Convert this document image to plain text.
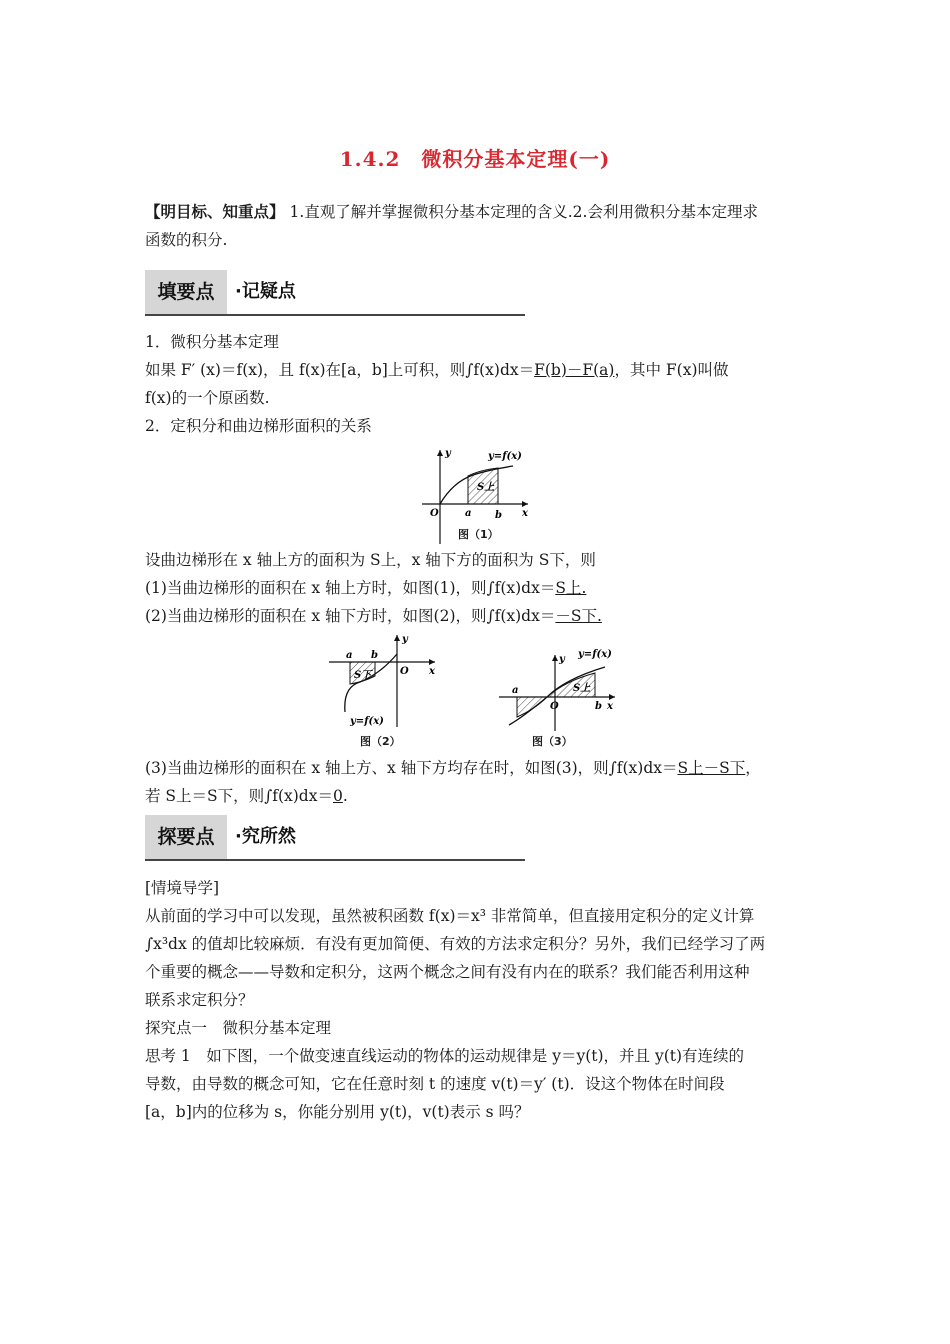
1.4.2　微积分基本定理(一)
【明目标、知重点】 1.直观了解并掌握微积分基本定理的含义.2.会利用微积分基本定理求
函数的积分.
填要点	·记疑点
1．微积分基本定理
如果 F′ (x)＝f(x)，且 f(x)在[a，b]上可积，则∫f(x)dx＝F(b)－F(a)，其中 F(x)叫做
f(x)的一个原函数.
2．定积分和曲边梯形面积的关系
y=f(x)
S上
O	a b x
y
图（1）
设曲边梯形在 x 轴上方的面积为 S上，x 轴下方的面积为 S下，则
(1)当曲边梯形的面积在 x 轴上方时，如图(1)，则∫f(x)dx＝S上.
(2)当曲边梯形的面积在 x 轴下方时，如图(2)，则∫f(x)dx＝－S下.
y=f(x)
S下	O
a b
x
y
图（2）
y=f(x)
S上
O
a
b x
y
图（3）
(3)当曲边梯形的面积在 x 轴上方、x 轴下方均存在时，如图(3)，则∫f(x)dx＝S上－S下，
若 S上＝S下，则∫f(x)dx＝0.
探要点	·究所然
[情境导学]
从前面的学习中可以发现，虽然被积函数 f(x)＝x³ 非常简单，但直接用定积分的定义计算
∫x³dx 的值却比较麻烦．有没有更加简便、有效的方法求定积分？另外，我们已经学习了两
个重要的概念——导数和定积分，这两个概念之间有没有内在的联系？我们能否利用这种
联系求定积分？
探究点一　微积分基本定理
思考 1　如下图，一个做变速直线运动的物体的运动规律是 y＝y(t)，并且 y(t)有连续的
导数，由导数的概念可知，它在任意时刻 t 的速度 v(t)＝y′ (t)．设这个物体在时间段
[a，b]内的位移为 s，你能分别用 y(t)，v(t)表示 s 吗？
